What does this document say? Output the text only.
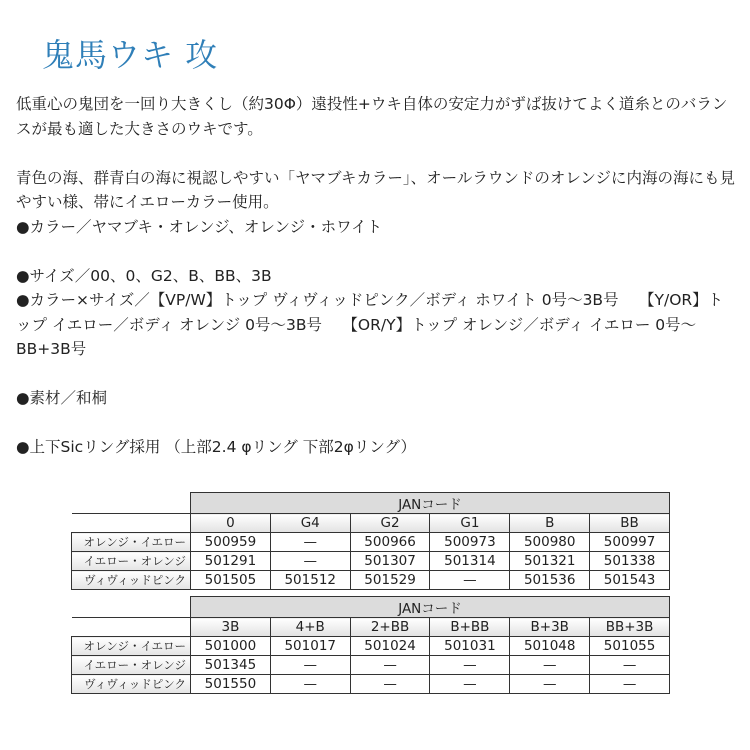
鬼馬ウキ 攻

低重心の鬼団を一回り大きくし（約30Φ）遠投性+ウキ自体の安定力がずば抜けてよく道糸とのバランスが最も適した大きさのウキです。

青色の海、群青白の海に視認しやすい「ヤマブキカラー」、オールラウンドのオレンジに内海の海にも見やすい様、帯にイエローカラー使用。

●カラー／ヤマブキ・オレンジ、オレンジ・ホワイト

●サイズ／00、0、G2、B、BB、3B

●カラー×サイズ／【VP/W】トップ ヴィヴィッドピンク／ボディ ホワイト 0号～3B号　 【Y/OR】トップ イエロー／ボディ オレンジ 0号～3B号　 【OR/Y】トップ オレンジ／ボディ イエロー 0号～BB+3B号

●素材／和桐

●上下Sicリング採用 （上部2.4 φリング 下部2φリング）

	JANコード					
	0	G4	G2	G1	B	BB
オレンジ・イエロー	500959	—	500966	500973	500980	500997
イエロー・オレンジ	501291	—	501307	501314	501321	501338
ヴィヴィッドピンク	501505	501512	501529	—	501536	501543
	JANコード					
	3B	4+B	2+BB	B+BB	B+3B	BB+3B
オレンジ・イエロー	501000	501017	501024	501031	501048	501055
イエロー・オレンジ	501345	—	—	—	—	—
ヴィヴィッドピンク	501550	—	—	—	—	—
